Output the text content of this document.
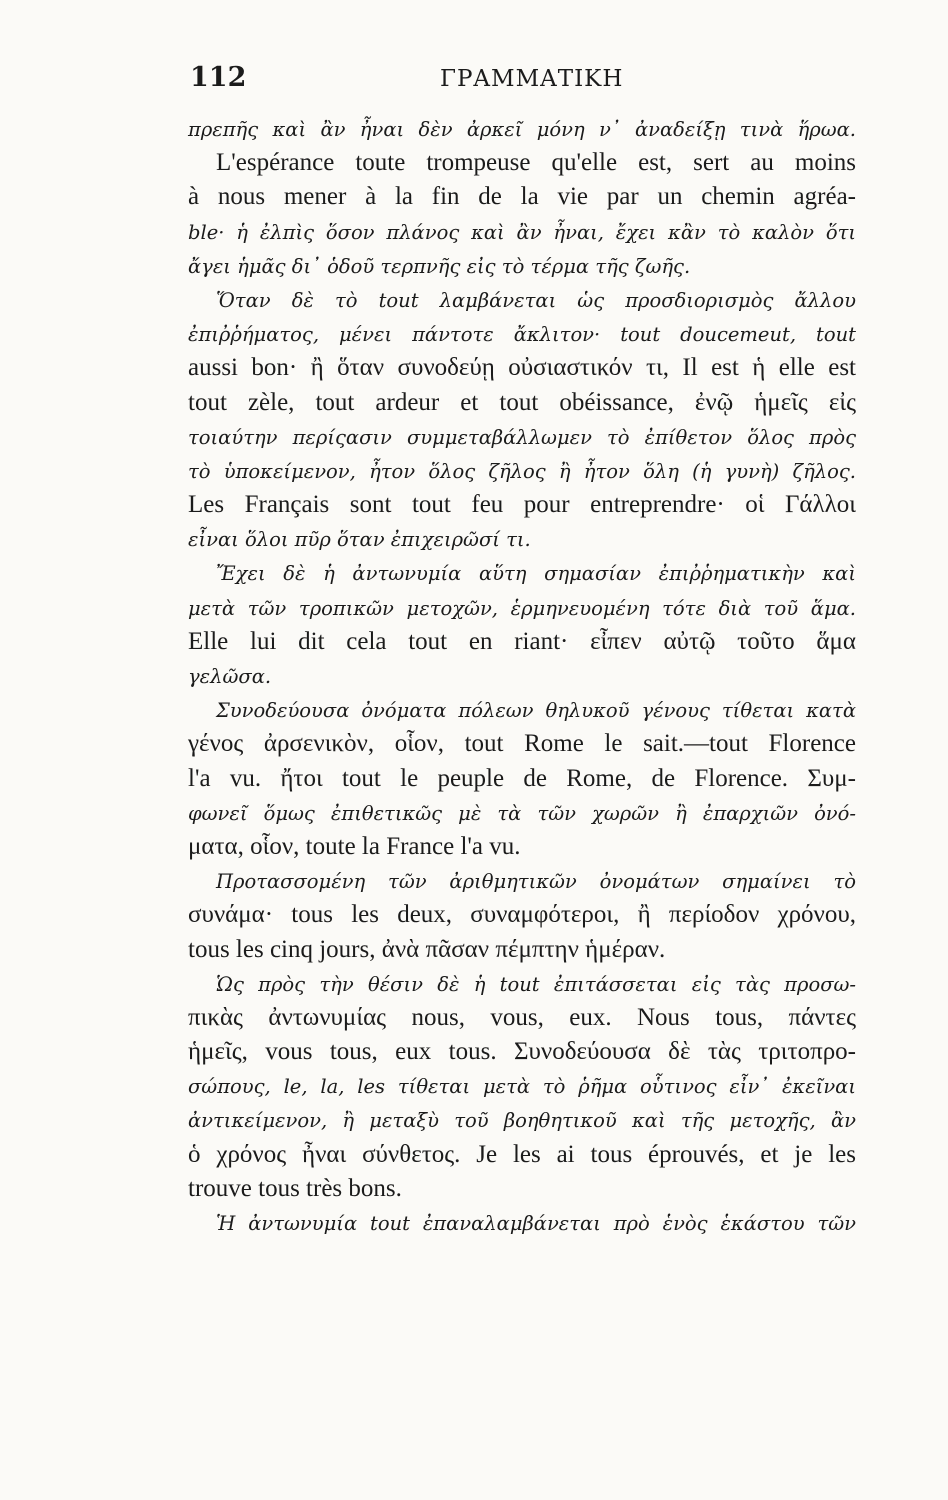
112	ΓΡΑΜΜΑΤΙΚΗ
πρεπῆς καὶ ἂν ἦναι δὲν ἀρκεῖ μόνη ν᾽ ἀναδείξῃ τινὰ ἥρωα.
L'espérance toute trompeuse qu'elle est, sert au moins
à nous mener à la fin de la vie par un chemin agréa-
ble· ἡ ἐλπὶς ὅσον πλάνος καὶ ἂν ἦναι, ἔχει κἂν τὸ καλὸν ὅτι
ἄγει ἡμᾶς δι᾽ ὁδοῦ τερπνῆς εἰς τὸ τέρμα τῆς ζωῆς.
Ὅταν δὲ τὸ tout λαμβάνεται ὡς προσδιορισμὸς ἄλλου
ἐπιῤῥήματος, μένει πάντοτε ἄκλιτον· tout doucemeut, tout
aussi bon· ἢ ὅταν συνοδεύῃ οὐσιαστικόν τι, Il est ἡ elle est
tout zèle, tout ardeur et tout obéissance, ἐνῷ ἡμεῖς εἰς
τοιαύτην περίςασιν συμμεταβάλλωμεν τὸ ἐπίθετον ὅλος πρὸς
τὸ ὑποκείμενον, ἦτον ὅλος ζῆλος ἢ ἦτον ὅλη (ἡ γυνὴ) ζῆλος.
Les Français sont tout feu pour entreprendre· οἱ Γάλλοι
εἶναι ὅλοι πῦρ ὅταν ἐπιχειρῶσί τι.
Ἔχει δὲ ἡ ἀντωνυμία αὕτη σημασίαν ἐπιῤῥηματικὴν καὶ
μετὰ τῶν τροπικῶν μετοχῶν, ἑρμηνευομένη τότε διὰ τοῦ ἅμα.
Elle lui dit cela tout en riant· εἶπεν αὐτῷ τοῦτο ἅμα
γελῶσα.
Συνοδεύουσα ὀνόματα πόλεων θηλυκοῦ γένους τίθεται κατὰ
γένος ἀρσενικὸν, οἷον, tout Rome le sait.—tout Florence
l'a vu. ἤτοι tout le peuple de Rome, de Florence. Συμ-
φωνεῖ ὅμως ἐπιθετικῶς μὲ τὰ τῶν χωρῶν ἢ ἐπαρχιῶν ὀνό-
ματα, οἷον, toute la France l'a vu.
Προτασσομένη τῶν ἀριθμητικῶν ὀνομάτων σημαίνει τὸ
συνάμα· tous les deux, συναμφότεροι, ἢ περίοδον χρόνου,
tous les cinq jours, ἀνὰ πᾶσαν πέμπτην ἡμέραν.
Ὡς πρὸς τὴν θέσιν δὲ ἡ tout ἐπιτάσσεται εἰς τὰς προσω-
πικὰς ἀντωνυμίας nous, vous, eux. Nous tous, πάντες
ἡμεῖς, vous tous, eux tous. Συνοδεύουσα δὲ τὰς τριτοπρο-
σώπους, le, la, les τίθεται μετὰ τὸ ῥῆμα οὗτινος εἶν᾽ ἐκεῖναι
ἀντικείμενον, ἢ μεταξὺ τοῦ βοηθητικοῦ καὶ τῆς μετοχῆς, ἂν
ὁ χρόνος ἦναι σύνθετος. Je les ai tous éprouvés, et je les
trouve tous très bons.
Ἡ ἀντωνυμία tout ἐπαναλαμβάνεται πρὸ ἑνὸς ἑκάστου τῶν
